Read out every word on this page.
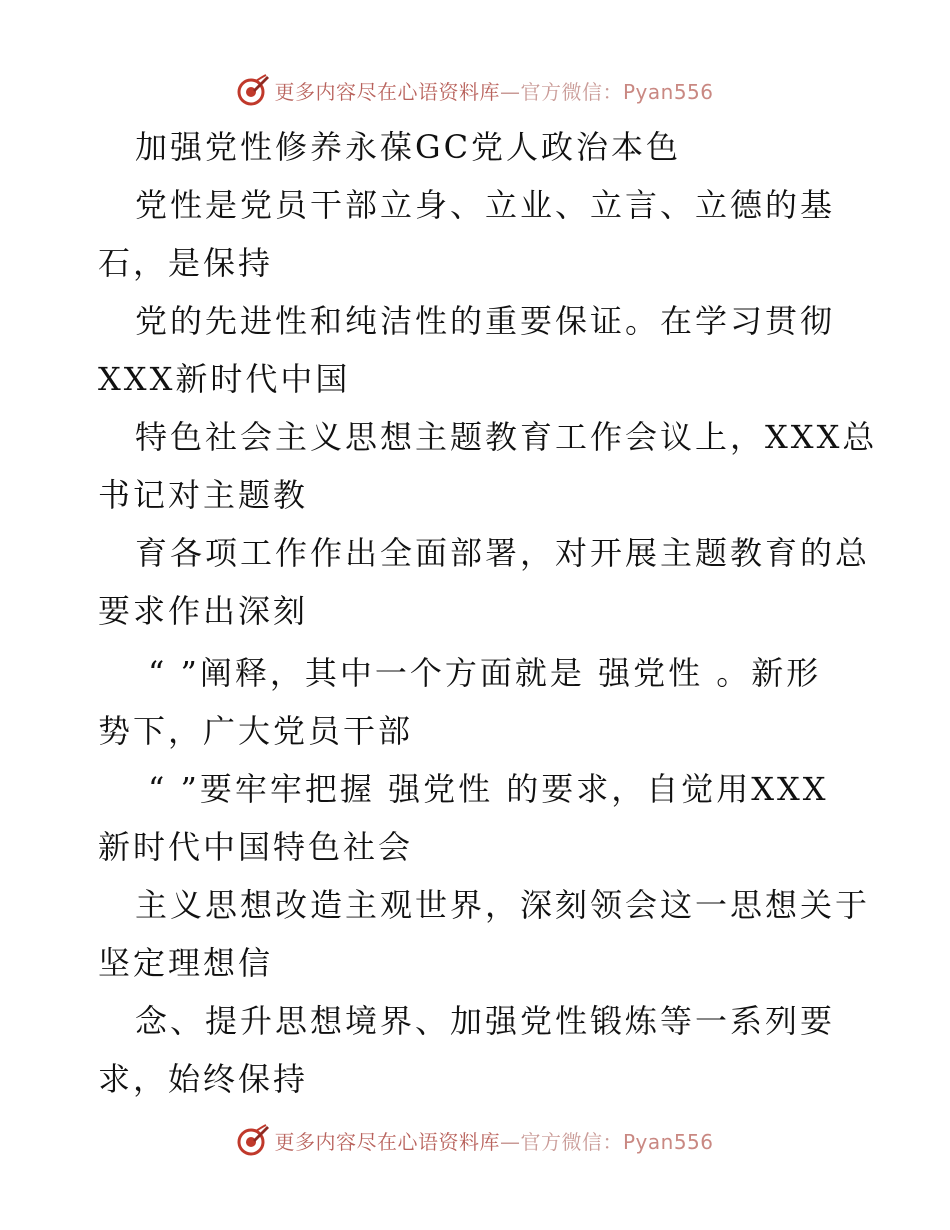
更多内容尽在心语资料库—官方微信：Pyan556
加强党性修养永葆GC党人政治本色
党性是党员干部立身、立业、立言、立德的基
石，是保持
党的先进性和纯洁性的重要保证。在学习贯彻
XXX新时代中国
特色社会主义思想主题教育工作会议上，XXX总
书记对主题教
育各项工作作出全面部署，对开展主题教育的总
要求作出深刻
“ ”阐释，其中一个方面就是 强党性 。新形
势下，广大党员干部
“ ”要牢牢把握 强党性 的要求，自觉用XXX
新时代中国特色社会
主义思想改造主观世界，深刻领会这一思想关于
坚定理想信
念、提升思想境界、加强党性锻炼等一系列要
求，始终保持
更多内容尽在心语资料库—官方微信：Pyan556
